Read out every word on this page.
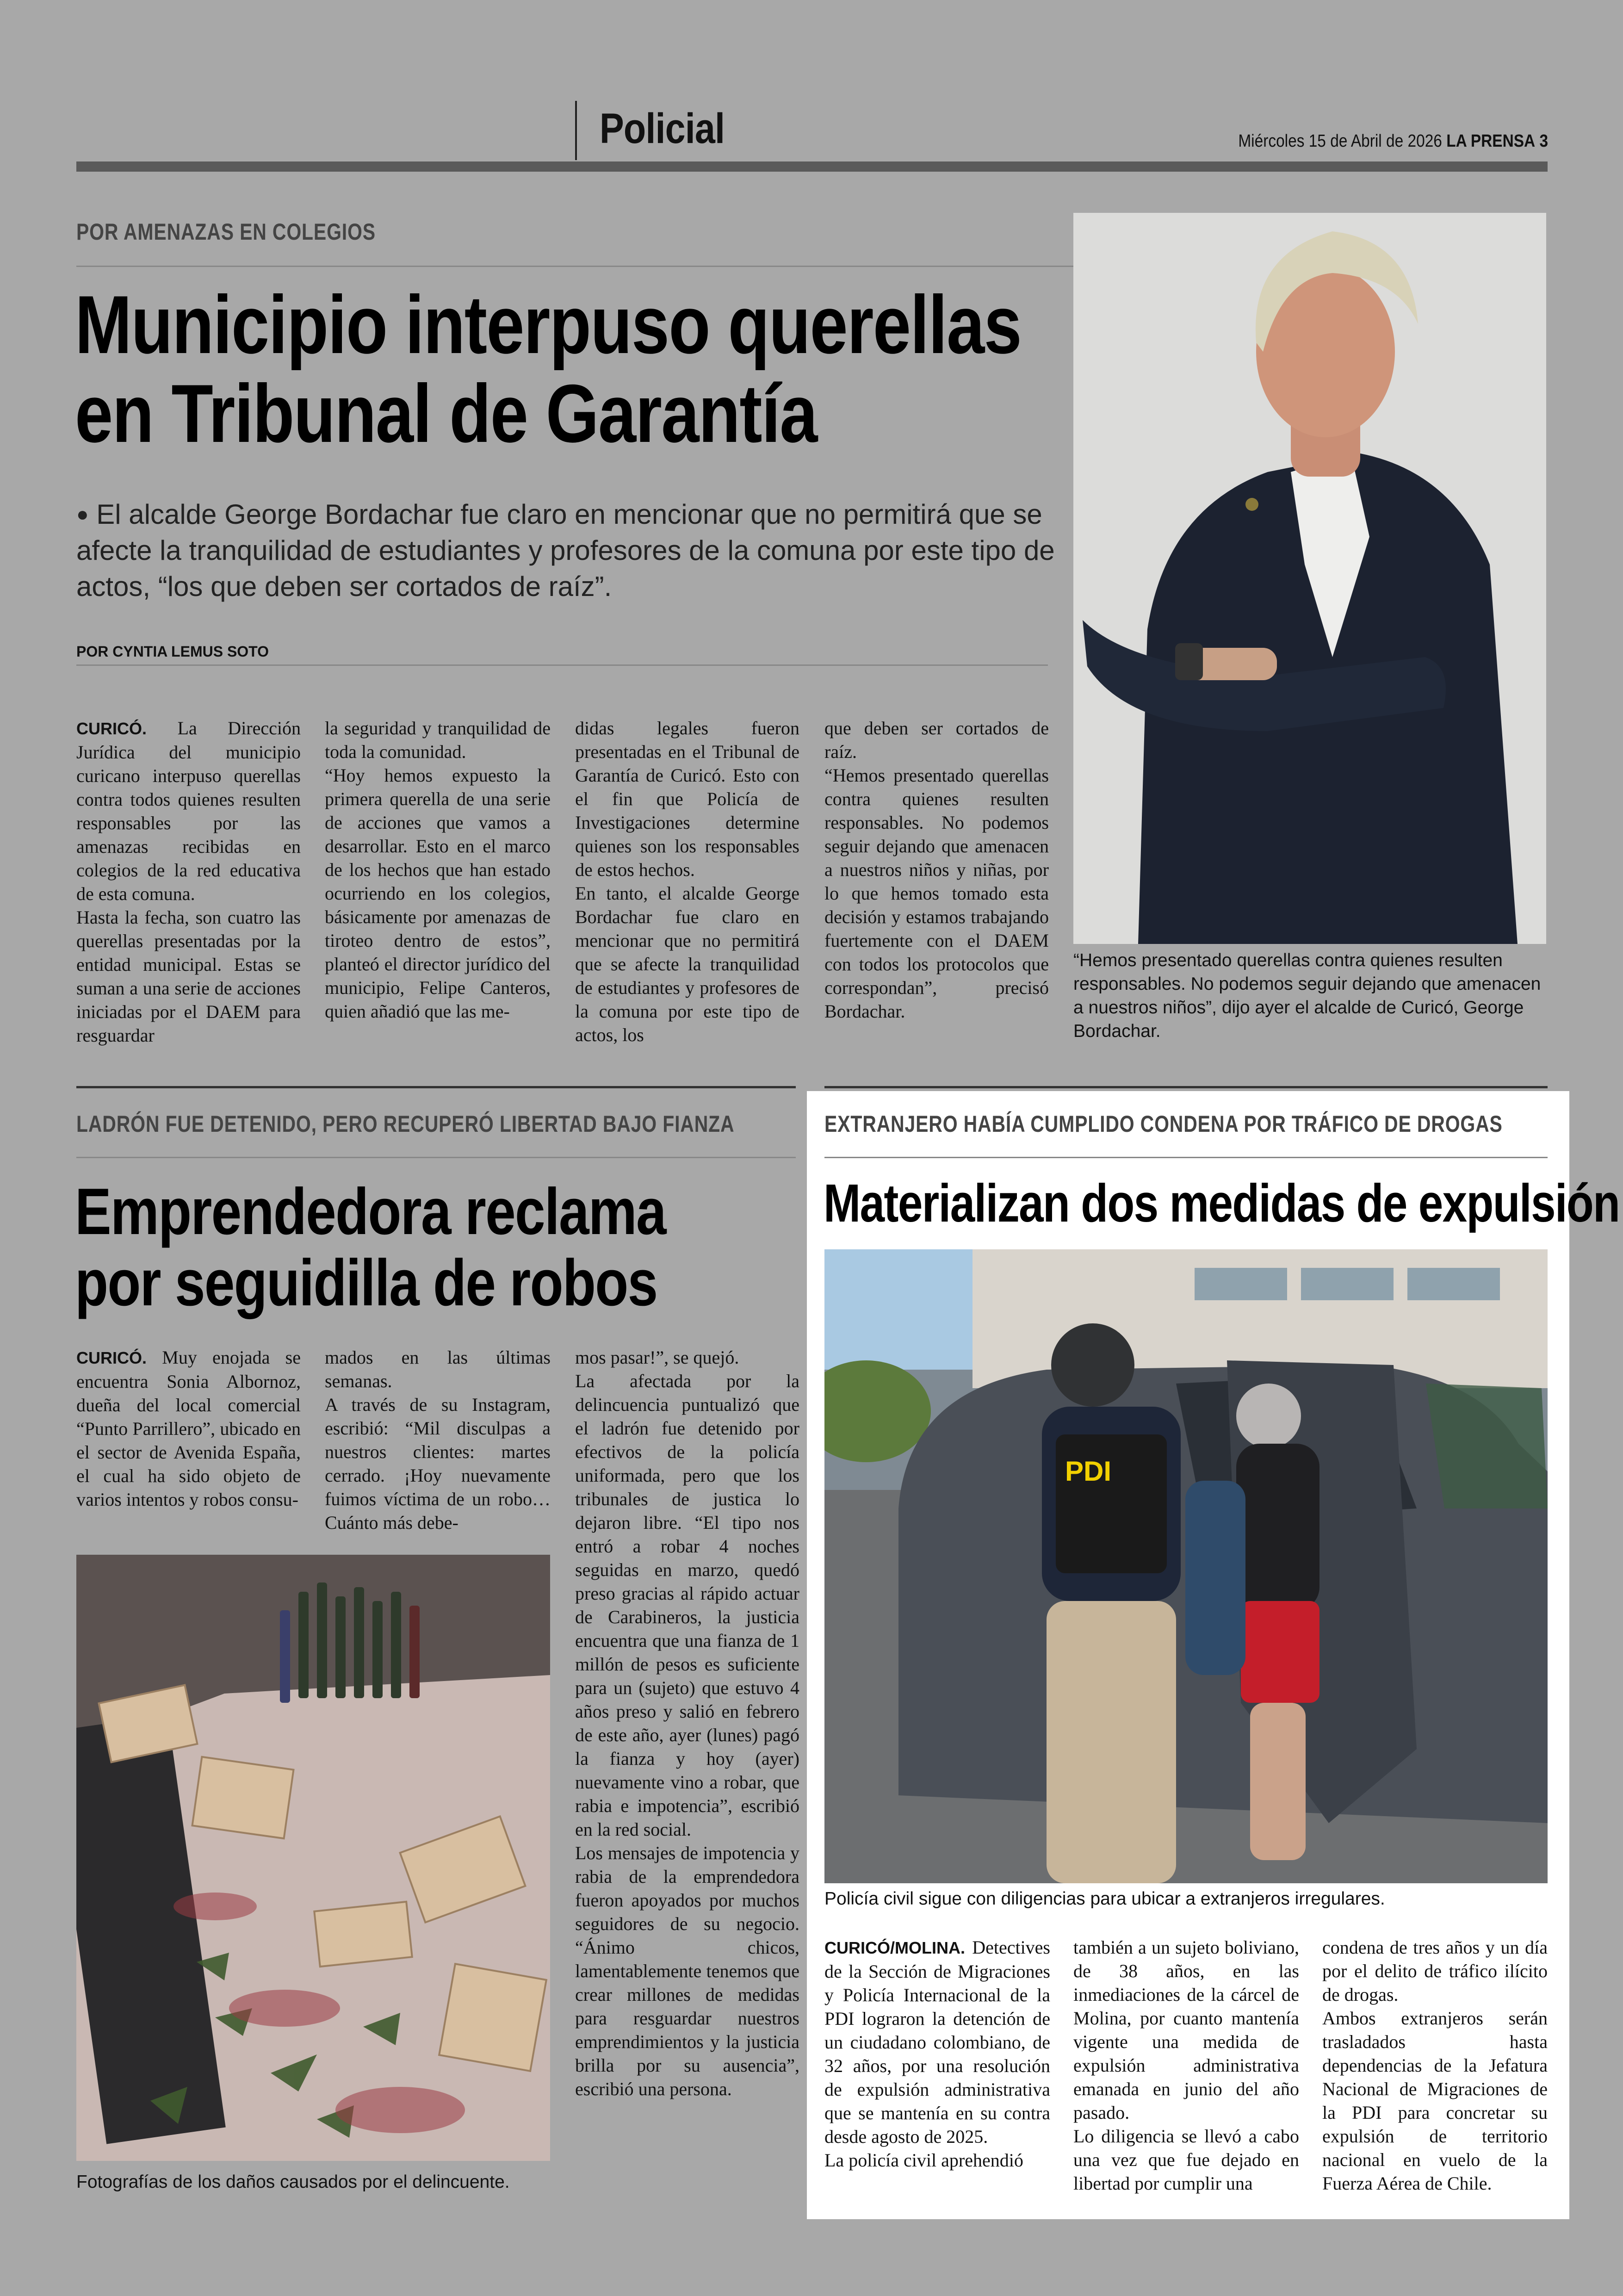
Policial	Miércoles 15 de Abril de 2026 LA PRENSA 3
POR AMENAZAS EN COLEGIOS
Municipio interpuso querellas
en Tribunal de Garantía
● El alcalde George Bordachar fue claro en mencionar que no permitirá que se afecte la tranquilidad de estudiantes y profesores de la comuna por este tipo de actos, “los que deben ser cortados de raíz”.
POR CYNTIA LEMUS SOTO

CURICÓ. La Dirección Jurídica del municipio curicano interpuso querellas contra todos quienes resulten responsables por las amenazas recibidas en colegios de la red educativa de esta comuna.

Hasta la fecha, son cuatro las querellas presentadas por la entidad municipal. Estas se suman a una serie de acciones iniciadas por el DAEM para resguardar

la seguridad y tranquilidad de toda la comunidad.

“Hoy hemos expuesto la primera querella de una serie de acciones que vamos a desarrollar. Esto en el marco de los hechos que han estado ocurriendo en los colegios, básicamente por amenazas de tiroteo dentro de estos”, planteó el director jurídico del municipio, Felipe Canteros, quien añadió que las me-

didas legales fueron presentadas en el Tribunal de Garantía de Curicó. Esto con el fin que Policía de Investigaciones determine quienes son los responsables de estos hechos.

En tanto, el alcalde George Bordachar fue claro en mencionar que no permitirá que se afecte la tranquilidad de estudiantes y profesores de la comuna por este tipo de actos, los

que deben ser cortados de raíz.

“Hemos presentado querellas contra quienes resulten responsables. No podemos seguir dejando que amenacen a nuestros niños y niñas, por lo que hemos tomado esta decisión y estamos trabajando fuertemente con el DAEM con todos los protocolos que correspondan”, precisó Bordachar.

“Hemos presentado querellas contra quienes resulten responsables. No podemos seguir dejando que amenacen a nuestros niños”, dijo ayer el alcalde de Curicó, George Bordachar.
LADRÓN FUE DETENIDO, PERO RECUPERÓ LIBERTAD BAJO FIANZA
Emprendedora reclama
por seguidilla de robos

CURICÓ. Muy enojada se encuentra Sonia Albornoz, dueña del local comercial “Punto Parrillero”, ubicado en el sector de Avenida España, el cual ha sido objeto de varios intentos y robos consu-

mados en las últimas semanas.

A través de su Instagram, escribió: “Mil disculpas a nuestros clientes: martes cerrado. ¡Hoy nuevamente fuimos víctima de un robo… Cuánto más debe-

mos pasar!”, se quejó.

La afectada por la delincuencia puntualizó que el ladrón fue detenido por efectivos de la policía uniformada, pero que los tribunales de justica lo dejaron libre. “El tipo nos entró a robar 4 noches seguidas en marzo, quedó preso gracias al rápido actuar de Carabineros, la justicia encuentra que una fianza de 1 millón de pesos es suficiente para un (sujeto) que estuvo 4 años preso y salió en febrero de este año, ayer (lunes) pagó la fianza y hoy (ayer) nuevamente vino a robar, que rabia e impotencia”, escribió en la red social.

Los mensajes de impotencia y rabia de la emprendedora fueron apoyados por muchos seguidores de su negocio. “Ánimo chicos, lamentablemente tenemos que crear millones de medidas para resguardar nuestros emprendimientos y la justicia brilla por su ausencia”, escribió una persona.

Fotografías de los daños causados por el delincuente.
EXTRANJERO HABÍA CUMPLIDO CONDENA POR TRÁFICO DE DROGAS
Materializan dos medidas de expulsión
PDI
Policía civil sigue con diligencias para ubicar a extranjeros irregulares.

CURICÓ/MOLINA. Detectives de la Sección de Migraciones y Policía Internacional de la PDI lograron la detención de un ciudadano colombiano, de 32 años, por una resolución de expulsión administrativa que se mantenía en su contra desde agosto de 2025.

La policía civil aprehendió

también a un sujeto boliviano, de 38 años, en las inmediaciones de la cárcel de Molina, por cuanto mantenía vigente una medida de expulsión administrativa emanada en junio del año pasado.

Lo diligencia se llevó a cabo una vez que fue dejado en libertad por cumplir una

condena de tres años y un día por el delito de tráfico ilícito de drogas.

Ambos extranjeros serán trasladados hasta dependencias de la Jefatura Nacional de Migraciones de la PDI para concretar su expulsión de territorio nacional en vuelo de la Fuerza Aérea de Chile.
